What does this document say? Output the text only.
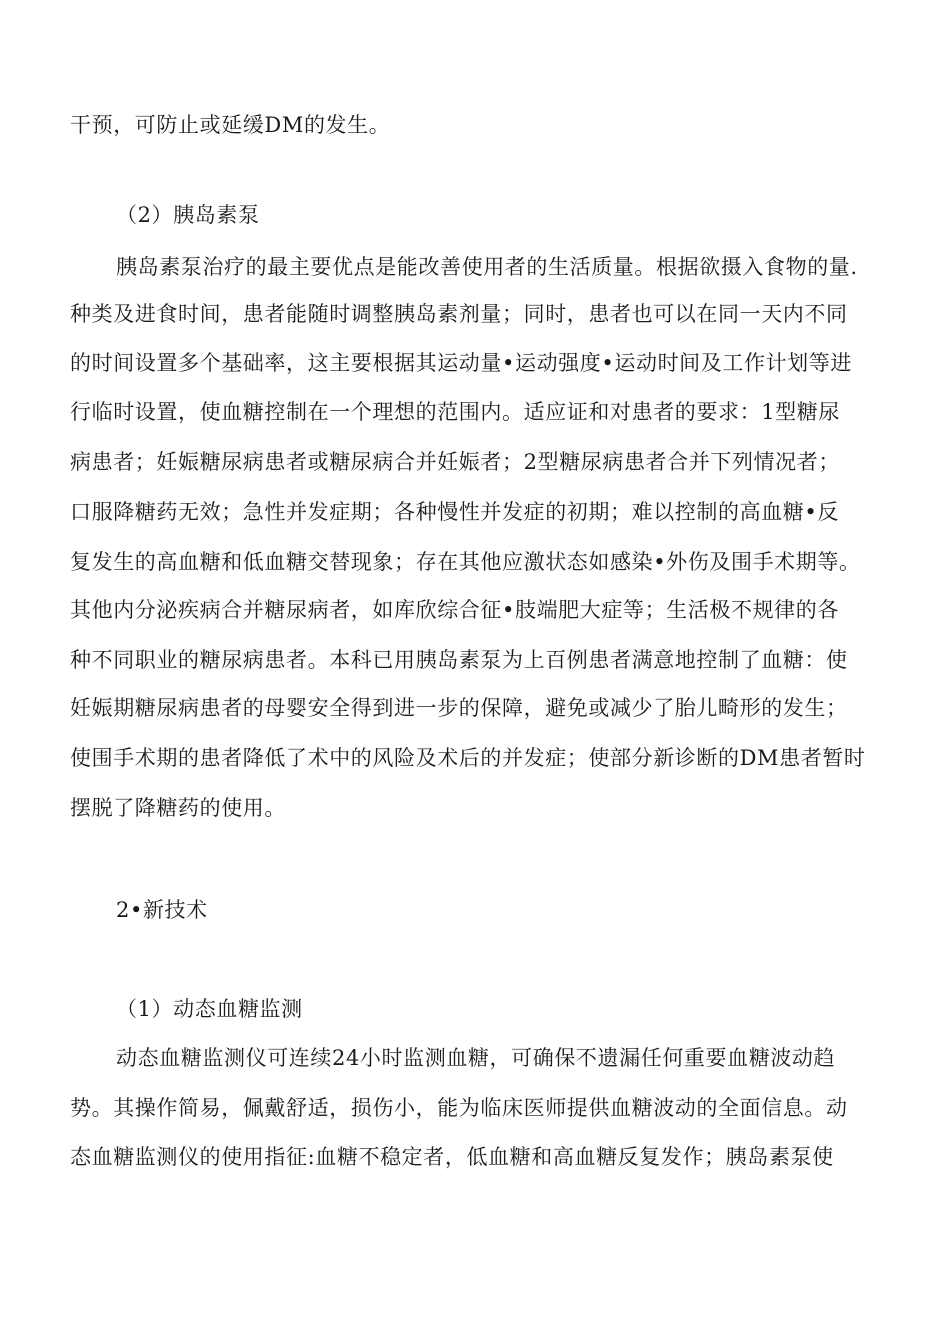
干预，可防止或延缓DM的发生。
（2）胰岛素泵
胰岛素泵治疗的最主要优点是能改善使用者的生活质量。根据欲摄入食物的量.
种类及进食时间，患者能随时调整胰岛素剂量；同时，患者也可以在同一天内不同
的时间设置多个基础率，这主要根据其运动量•运动强度•运动时间及工作计划等进
行临时设置，使血糖控制在一个理想的范围内。适应证和对患者的要求：1型糖尿
病患者；妊娠糖尿病患者或糖尿病合并妊娠者；2型糖尿病患者合并下列情况者；
口服降糖药无效；急性并发症期；各种慢性并发症的初期；难以控制的高血糖•反
复发生的高血糖和低血糖交替现象；存在其他应激状态如感染•外伤及围手术期等。
其他内分泌疾病合并糖尿病者，如库欣综合征•肢端肥大症等；生活极不规律的各
种不同职业的糖尿病患者。本科已用胰岛素泵为上百例患者满意地控制了血糖：使
妊娠期糖尿病患者的母婴安全得到进一步的保障，避免或减少了胎儿畸形的发生；
使围手术期的患者降低了术中的风险及术后的并发症；使部分新诊断的DM患者暂时
摆脱了降糖药的使用。
2•新技术
（1）动态血糖监测
动态血糖监测仪可连续24小时监测血糖，可确保不遗漏任何重要血糖波动趋
势。其操作简易，佩戴舒适，损伤小，能为临床医师提供血糖波动的全面信息。动
态血糖监测仪的使用指征:血糖不稳定者，低血糖和高血糖反复发作；胰岛素泵使
